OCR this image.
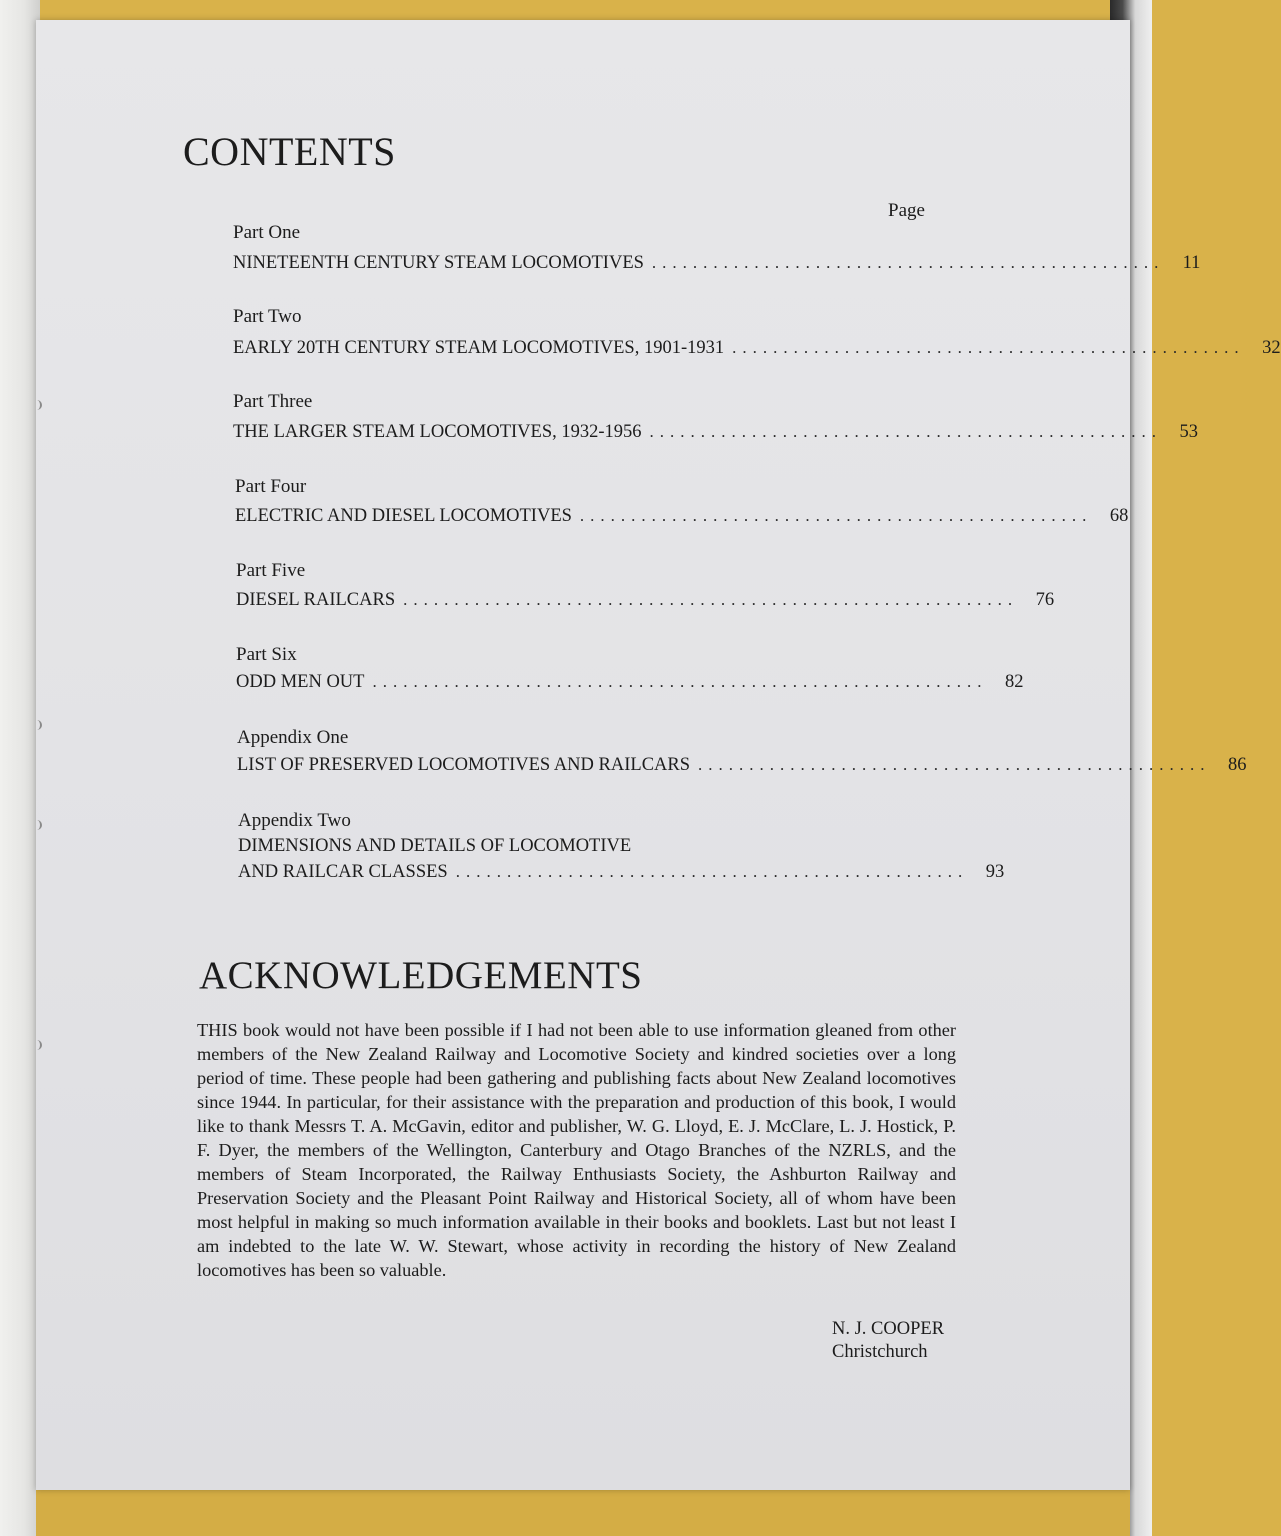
CONTENTS
Page
Part One
NINETEENTH CENTURY STEAM LOCOMOTIVES .................................................. 11
Part Two
EARLY 20TH CENTURY STEAM LOCOMOTIVES, 1901-1931 .................................................. 32
Part Three
THE LARGER STEAM LOCOMOTIVES, 1932-1956 .................................................. 53
Part Four
ELECTRIC AND DIESEL LOCOMOTIVES .................................................. 68
Part Five
DIESEL RAILCARS ............................................................ 76
Part Six
ODD MEN OUT ............................................................ 82
Appendix One
LIST OF PRESERVED LOCOMOTIVES AND RAILCARS .................................................. 86
Appendix Two
DIMENSIONS AND DETAILS OF LOCOMOTIVE
AND RAILCAR CLASSES .................................................. 93
ACKNOWLEDGEMENTS

THIS book would not have been possible if I had not been able to use information gleaned from other members of the New Zealand Railway and Locomotive Society and kindred societies over a long period of time. These people had been gathering and publishing facts about New Zealand locomotives since 1944. In particular, for their assistance with the preparation and production of this book, I would like to thank Messrs T. A. McGavin, editor and publisher, W. G. Lloyd, E. J. McClare, L. J. Hostick, P. F. Dyer, the members of the Wellington, Canterbury and Otago Branches of the NZRLS, and the members of Steam Incorporated, the Railway Enthusiasts Society, the Ashburton Railway and Preservation Society and the Pleasant Point Railway and Historical Society, all of whom have been most helpful in making so much information available in their books and booklets. Last but not least I am indebted to the late W. W. Stewart, whose activity in recording the history of New Zealand locomotives has been so valuable.

N. J. COOPER
Christchurch
